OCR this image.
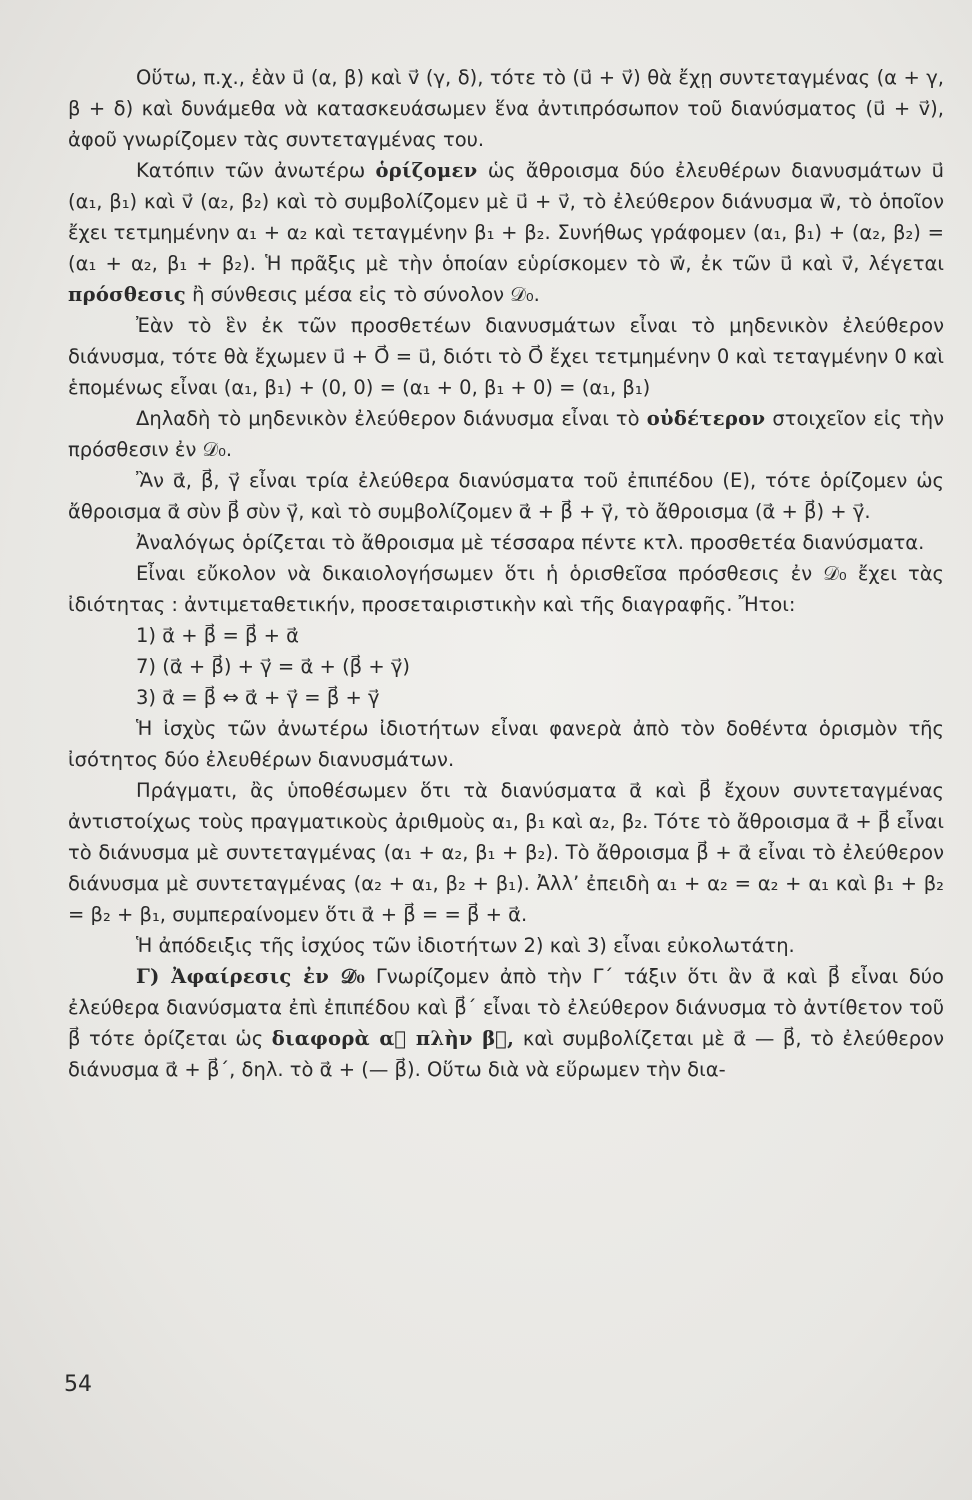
Οὕτω, π.χ., ἐὰν u⃗ (α, β) καὶ v⃗ (γ, δ), τότε τὸ (u⃗ + v⃗) θὰ ἔχῃ συντεταγμένας (α + γ, β + δ) καὶ δυνάμεθα νὰ κατασκευάσωμεν ἕνα ἀντιπρόσωπον τοῦ διανύσματος (u⃗ + v⃗), ἀφοῦ γνωρίζομεν τὰς συντεταγμένας του.

Κατόπιν τῶν ἀνωτέρω ὁρίζομεν ὡς ἄθροισμα δύο ἐλευθέρων διανυσμάτων u⃗ (α₁, β₁) καὶ v⃗ (α₂, β₂) καὶ τὸ συμβολίζομεν μὲ u⃗ + v⃗, τὸ ἐλεύθερον διάνυσμα w⃗, τὸ ὁποῖον ἔχει τετμημένην α₁ + α₂ καὶ τεταγμένην β₁ + β₂. Συνήθως γράφομεν (α₁, β₁) + (α₂, β₂) = (α₁ + α₂, β₁ + β₂). Ἡ πρᾶξις μὲ τὴν ὁποίαν εὑρίσκομεν τὸ w⃗, ἐκ τῶν u⃗ καὶ v⃗, λέγεται πρόσθεσις ἢ σύνθεσις μέσα εἰς τὸ σύνολον 𝒟₀.

Ἐὰν τὸ ἓν ἐκ τῶν προσθετέων διανυσμάτων εἶναι τὸ μηδενικὸν ἐλεύθερον διάνυσμα, τότε θὰ ἔχωμεν u⃗ + O⃗ = u⃗, διότι τὸ O⃗ ἔχει τετμημένην 0 καὶ τεταγμένην 0 καὶ ἑπομένως εἶναι (α₁, β₁) + (0, 0) = (α₁ + 0, β₁ + 0) = (α₁, β₁)

Δηλαδὴ τὸ μηδενικὸν ἐλεύθερον διάνυσμα εἶναι τὸ οὐδέτερον στοιχεῖον εἰς τὴν πρόσθεσιν ἐν 𝒟₀.

Ἂν α⃗, β⃗, γ⃗ εἶναι τρία ἐλεύθερα διανύσματα τοῦ ἐπιπέδου (Ε), τότε ὁρίζομεν ὡς ἄθροισμα α⃗ σὺν β⃗ σὺν γ⃗, καὶ τὸ συμβολίζομεν α⃗ + β⃗ + γ⃗, τὸ ἄθροισμα (α⃗ + β⃗) + γ⃗.

Ἀναλόγως ὁρίζεται τὸ ἄθροισμα μὲ τέσσαρα πέντε κτλ. προσθετέα διανύσματα.

Εἶναι εὔκολον νὰ δικαιολογήσωμεν ὅτι ἡ ὁρισθεῖσα πρόσθεσις ἐν 𝒟₀ ἔχει τὰς ἰδιότητας : ἀντιμεταθετικήν, προσεταιριστικὴν καὶ τῆς διαγραφῆς. Ἤτοι:

1) α⃗ + β⃗ = β⃗ + α⃗

7) (α⃗ + β⃗) + γ⃗ = α⃗ + (β⃗ + γ⃗)

3) α⃗ = β⃗ ⇔ α⃗ + γ⃗ = β⃗ + γ⃗

Ἡ ἰσχὺς τῶν ἀνωτέρω ἰδιοτήτων εἶναι φανερὰ ἀπὸ τὸν δοθέντα ὁρισμὸν τῆς ἰσότητος δύο ἐλευθέρων διανυσμάτων.

Πράγματι, ἂς ὑποθέσωμεν ὅτι τὰ διανύσματα α⃗ καὶ β⃗ ἔχουν συντεταγμένας ἀντιστοίχως τοὺς πραγματικοὺς ἀριθμοὺς α₁, β₁ καὶ α₂, β₂. Τότε τὸ ἄθροισμα α⃗ + β⃗ εἶναι τὸ διάνυσμα μὲ συντεταγμένας (α₁ + α₂, β₁ + β₂). Τὸ ἄθροισμα β⃗ + α⃗ εἶναι τὸ ἐλεύθερον διάνυσμα μὲ συντεταγμένας (α₂ + α₁, β₂ + β₁). Ἀλλ’ ἐπειδὴ α₁ + α₂ = α₂ + α₁ καὶ β₁ + β₂ = β₂ + β₁, συμπεραίνομεν ὅτι α⃗ + β⃗ = = β⃗ + α⃗.

Ἡ ἀπόδειξις τῆς ἰσχύος τῶν ἰδιοτήτων 2) καὶ 3) εἶναι εὐκολωτάτη.

Γ) Ἀφαίρεσις ἐν 𝒟₀ Γνωρίζομεν ἀπὸ τὴν Γ΄ τάξιν ὅτι ἂν α⃗ καὶ β⃗ εἶναι δύο ἐλεύθερα διανύσματα ἐπὶ ἐπιπέδου καὶ β⃗΄ εἶναι τὸ ἐλεύθερον διάνυσμα τὸ ἀντίθετον τοῦ β⃗ τότε ὁρίζεται ὡς διαφορὰ α⃗ πλὴν β⃗, καὶ συμβολίζεται μὲ α⃗ — β⃗, τὸ ἐλεύθερον διάνυσμα α⃗ + β⃗΄, δηλ. τὸ α⃗ + (— β⃗). Οὕτω διὰ νὰ εὕρωμεν τὴν δια-

54
